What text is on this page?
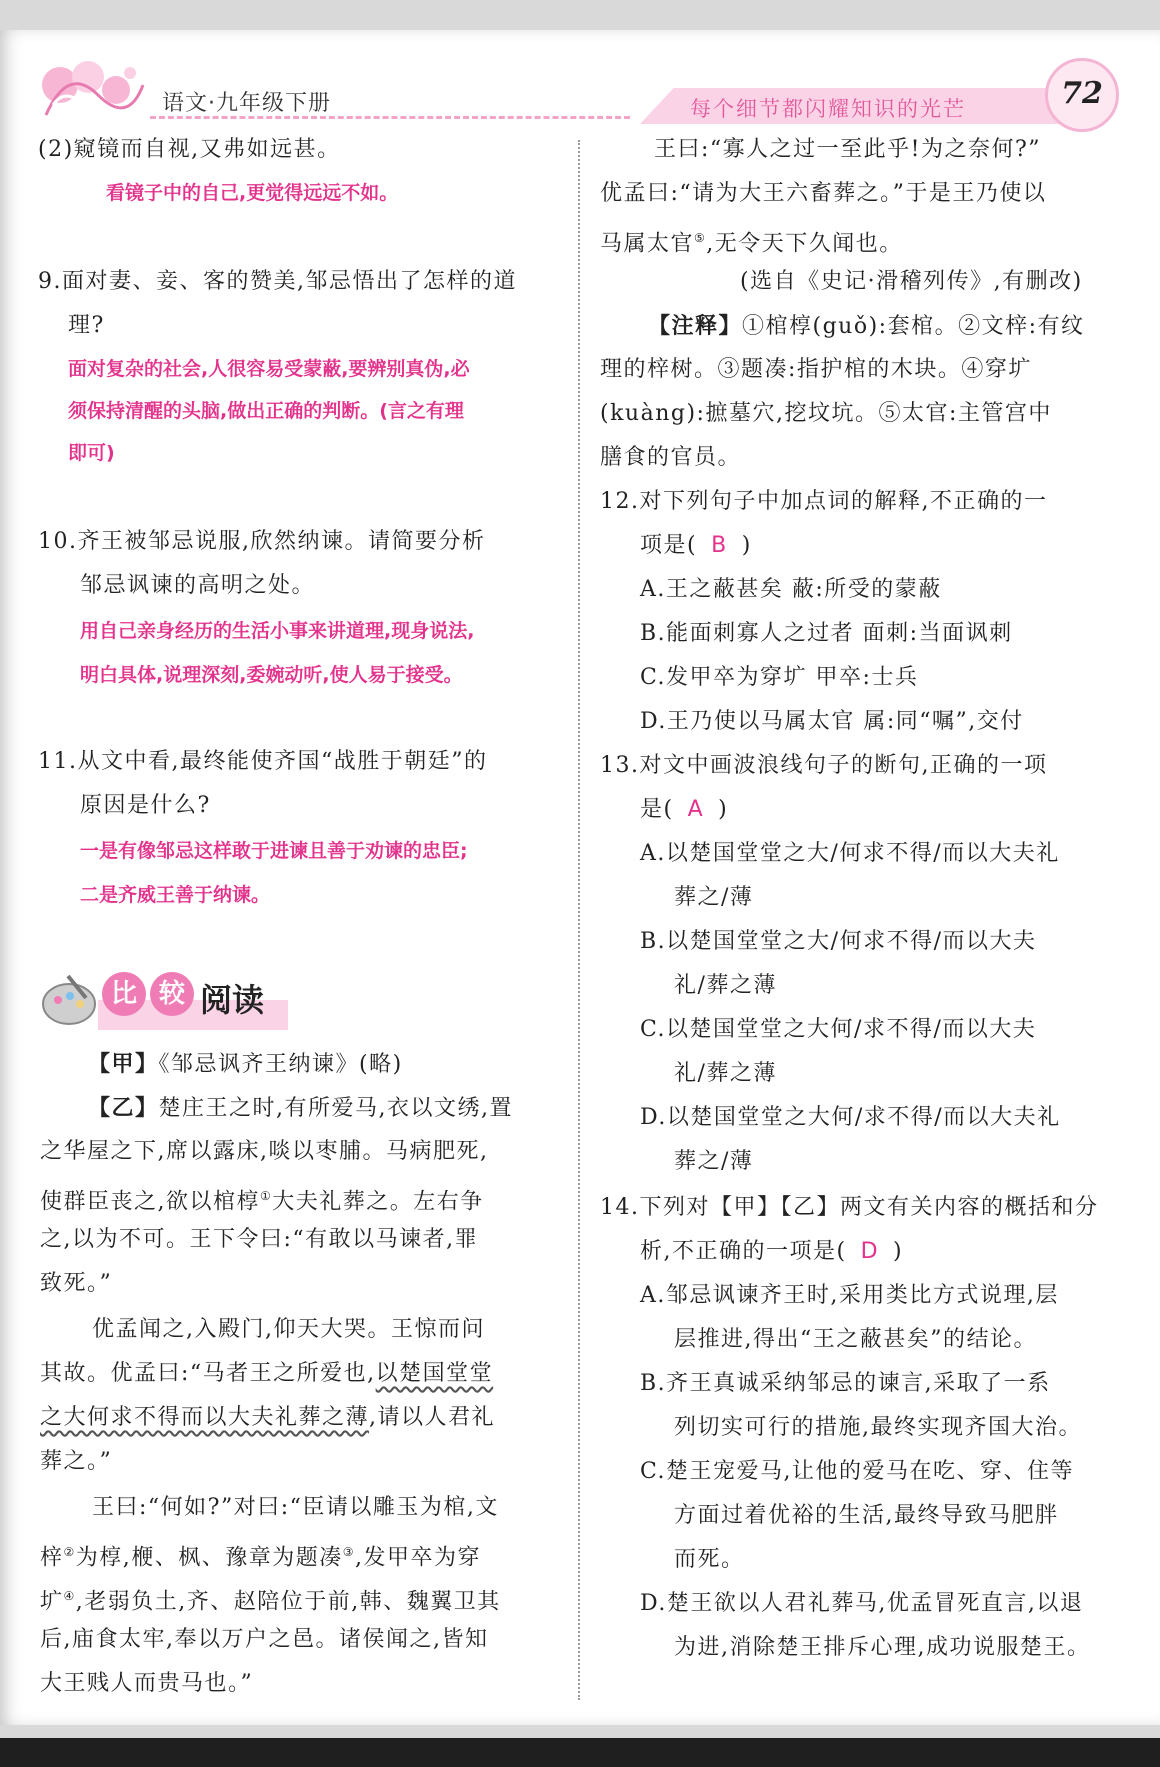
语文·九年级下册	每个细节都闪耀知识的光芒	72
(2)窥镜而自视,又弗如远甚。
看镜子中的自己,更觉得远远不如。
9.面对妻、妾、客的赞美,邹忌悟出了怎样的道
理?
面对复杂的社会,人很容易受蒙蔽,要辨别真伪,必
须保持清醒的头脑,做出正确的判断。(言之有理
即可)
10.齐王被邹忌说服,欣然纳谏。请简要分析
邹忌讽谏的高明之处。
用自己亲身经历的生活小事来讲道理,现身说法,
明白具体,说理深刻,委婉动听,使人易于接受。
11.从文中看,最终能使齐国“战胜于朝廷”的
原因是什么?
一是有像邹忌这样敢于进谏且善于劝谏的忠臣;
二是齐威王善于纳谏。
比 较 阅读
【甲】《邹忌讽齐王纳谏》(略)
【乙】楚庄王之时,有所爱马,衣以文绣,置
之华屋之下,席以露床,啖以枣脯。马病肥死,
使群臣丧之,欲以棺椁①大夫礼葬之。左右争
之,以为不可。王下令曰:“有敢以马谏者,罪
致死。”
优孟闻之,入殿门,仰天大哭。王惊而问
其故。优孟曰:“马者王之所爱也,以楚国堂堂
之大何求不得而以大夫礼葬之薄,请以人君礼
葬之。”
王曰:“何如?”对曰:“臣请以雕玉为棺,文
梓②为椁,楩、枫、豫章为题凑③,发甲卒为穿
圹④,老弱负土,齐、赵陪位于前,韩、魏翼卫其
后,庙食太牢,奉以万户之邑。诸侯闻之,皆知
大王贱人而贵马也。”
王曰:“寡人之过一至此乎!为之奈何?”
优孟曰:“请为大王六畜葬之。”于是王乃使以
马属太官⑤,无令天下久闻也。
(选自《史记·滑稽列传》,有删改)
【注释】①棺椁(guǒ):套棺。②文梓:有纹
理的梓树。③题凑:指护棺的木块。④穿圹
(kuàng):摭墓穴,挖坟坑。⑤太官:主管宫中
膳食的官员。
12.对下列句子中加点词的解释,不正确的一
项是( B )
A.王之蔽甚矣 蔽:所受的蒙蔽
B.能面刺寡人之过者 面刺:当面讽刺
C.发甲卒为穿圹 甲卒:士兵
D.王乃使以马属太官 属:同“嘱”,交付
13.对文中画波浪线句子的断句,正确的一项
是( A )
A.以楚国堂堂之大/何求不得/而以大夫礼
葬之/薄
B.以楚国堂堂之大/何求不得/而以大夫
礼/葬之薄
C.以楚国堂堂之大何/求不得/而以大夫
礼/葬之薄
D.以楚国堂堂之大何/求不得/而以大夫礼
葬之/薄
14.下列对【甲】【乙】两文有关内容的概括和分
析,不正确的一项是( D )
A.邹忌讽谏齐王时,采用类比方式说理,层
层推进,得出“王之蔽甚矣”的结论。
B.齐王真诚采纳邹忌的谏言,采取了一系
列切实可行的措施,最终实现齐国大治。
C.楚王宠爱马,让他的爱马在吃、穿、住等
方面过着优裕的生活,最终导致马肥胖
而死。
D.楚王欲以人君礼葬马,优孟冒死直言,以退
为进,消除楚王排斥心理,成功说服楚王。
